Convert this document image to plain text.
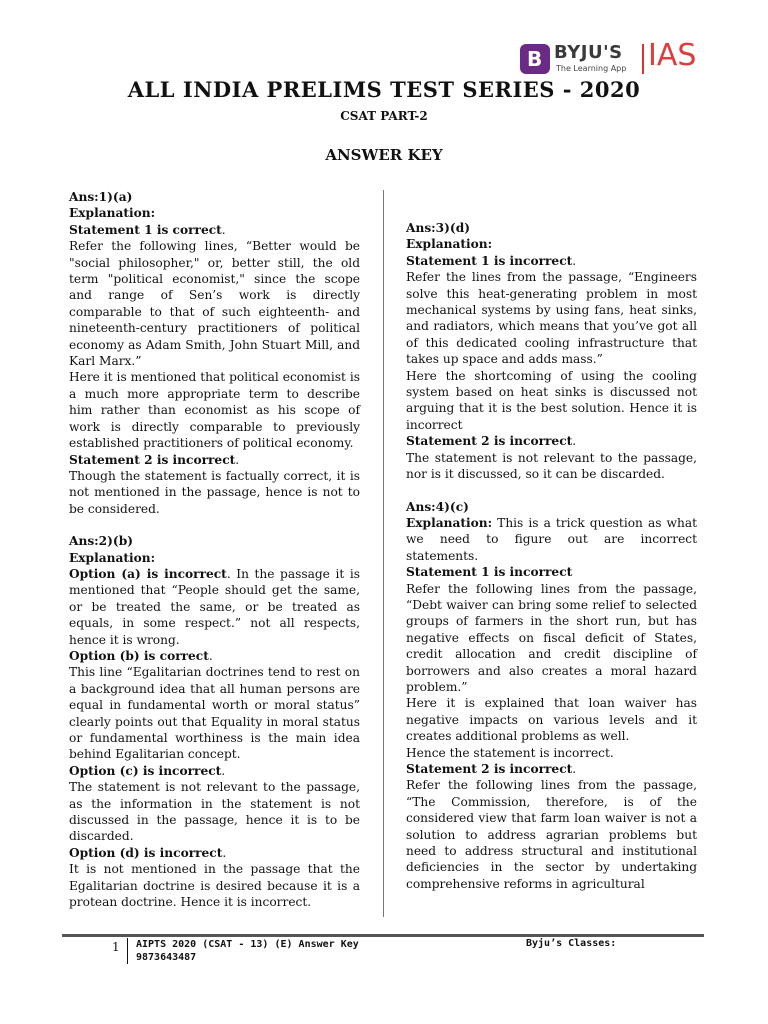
B BYJU'S
The Learning App IAS
ALL INDIA PRELIMS TEST SERIES - 2020
CSAT PART-2
ANSWER KEY

Ans:1)(a)

Explanation:

Statement 1 is correct.

Refer the following lines, “Better would be "social philosopher," or, better still, the old term "political economist," since the scope and range of Sen’s work is directly comparable to that of such eighteenth- and nineteenth-century practitioners of political economy as Adam Smith, John Stuart Mill, and Karl Marx.”

Here it is mentioned that political economist is a much more appropriate term to describe him rather than economist as his scope of work is directly comparable to previously established practitioners of political economy.

Statement 2 is incorrect.

Though the statement is factually correct, it is not mentioned in the passage, hence is not to be considered.

Ans:2)(b)

Explanation:

Option (a) is incorrect. In the passage it is mentioned that “People should get the same, or be treated the same, or be treated as equals, in some respect.” not all respects, hence it is wrong.

Option (b) is correct.

This line “Egalitarian doctrines tend to rest on a background idea that all human persons are equal in fundamental worth or moral status” clearly points out that Equality in moral status or fundamental worthiness is the main idea behind Egalitarian concept.

Option (c) is incorrect.

The statement is not relevant to the passage, as the information in the statement is not discussed in the passage, hence it is to be discarded.

Option (d) is incorrect.

It is not mentioned in the passage that the Egalitarian doctrine is desired because it is a protean doctrine. Hence it is incorrect.

Ans:3)(d)

Explanation:

Statement 1 is incorrect.

Refer the lines from the passage, “Engineers solve this heat-generating problem in most mechanical systems by using fans, heat sinks, and radiators, which means that you’ve got all of this dedicated cooling infrastructure that takes up space and adds mass.”

Here the shortcoming of using the cooling system based on heat sinks is discussed not arguing that it is the best solution. Hence it is incorrect

Statement 2 is incorrect.

The statement is not relevant to the passage, nor is it discussed, so it can be discarded.

Ans:4)(c)

Explanation: This is a trick question as what we need to figure out are incorrect statements.

Statement 1 is incorrect

Refer the following lines from the passage, “Debt waiver can bring some relief to selected groups of farmers in the short run, but has negative effects on fiscal deficit of States, credit allocation and credit discipline of borrowers and also creates a moral hazard problem.”

Here it is explained that loan waiver has negative impacts on various levels and it creates additional problems as well.

Hence the statement is incorrect.

Statement 2 is incorrect.

Refer the following lines from the passage, “The Commission, therefore, is of the considered view that farm loan waiver is not a solution to address agrarian problems but need to address structural and institutional deficiencies in the sector by undertaking comprehensive reforms in agricultural

1 AIPTS 2020 (CSAT - 13) (E) Answer Key
9873643487
Byju’s Classes:
